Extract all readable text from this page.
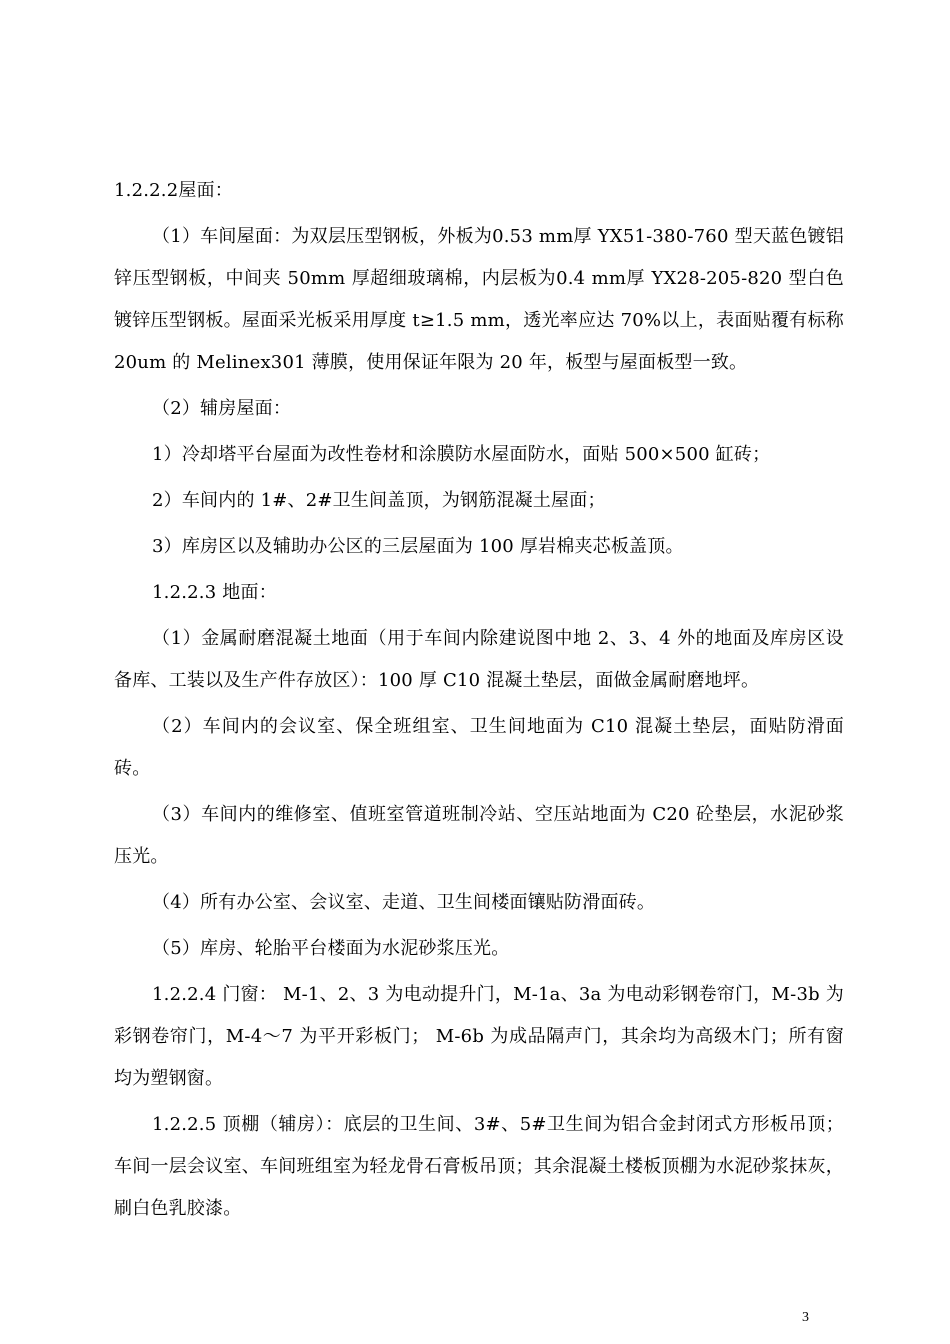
1.2.2.2屋面：

（1）车间屋面：为双层压型钢板，外板为0.53 mm厚 YX51-380-760 型天蓝色镀铝锌压型钢板，中间夹 50mm 厚超细玻璃棉，内层板为0.4 mm厚 YX28-205-820 型白色镀锌压型钢板。屋面采光板采用厚度 t≥1.5 mm，透光率应达 70%以上，表面贴覆有标称 20um 的 Melinex301 薄膜，使用保证年限为 20 年，板型与屋面板型一致。

（2）辅房屋面：

1）冷却塔平台屋面为改性卷材和涂膜防水屋面防水，面贴 500×500 缸砖；

2）车间内的 1#、2#卫生间盖顶，为钢筋混凝土屋面；

3）库房区以及辅助办公区的三层屋面为 100 厚岩棉夹芯板盖顶。

1.2.2.3 地面：

（1）金属耐磨混凝土地面（用于车间内除建说图中地 2、3、4 外的地面及库房区设备库、工装以及生产件存放区）：100 厚 C10 混凝土垫层，面做金属耐磨地坪。

（2）车间内的会议室、保全班组室、卫生间地面为 C10 混凝土垫层，面贴防滑面砖。

（3）车间内的维修室、值班室管道班制冷站、空压站地面为 C20 砼垫层，水泥砂浆压光。

（4）所有办公室、会议室、走道、卫生间楼面镶贴防滑面砖。

（5）库房、轮胎平台楼面为水泥砂浆压光。

1.2.2.4 门窗： M-1、2、3 为电动提升门，M-1a、3a 为电动彩钢卷帘门，M-3b 为彩钢卷帘门，M-4～7 为平开彩板门； M-6b 为成品隔声门，其余均为高级木门；所有窗均为塑钢窗。

1.2.2.5 顶棚（辅房）：底层的卫生间、3#、5#卫生间为铝合金封闭式方形板吊顶；车间一层会议室、车间班组室为轻龙骨石膏板吊顶；其余混凝土楼板顶棚为水泥砂浆抹灰，刷白色乳胶漆。

3
